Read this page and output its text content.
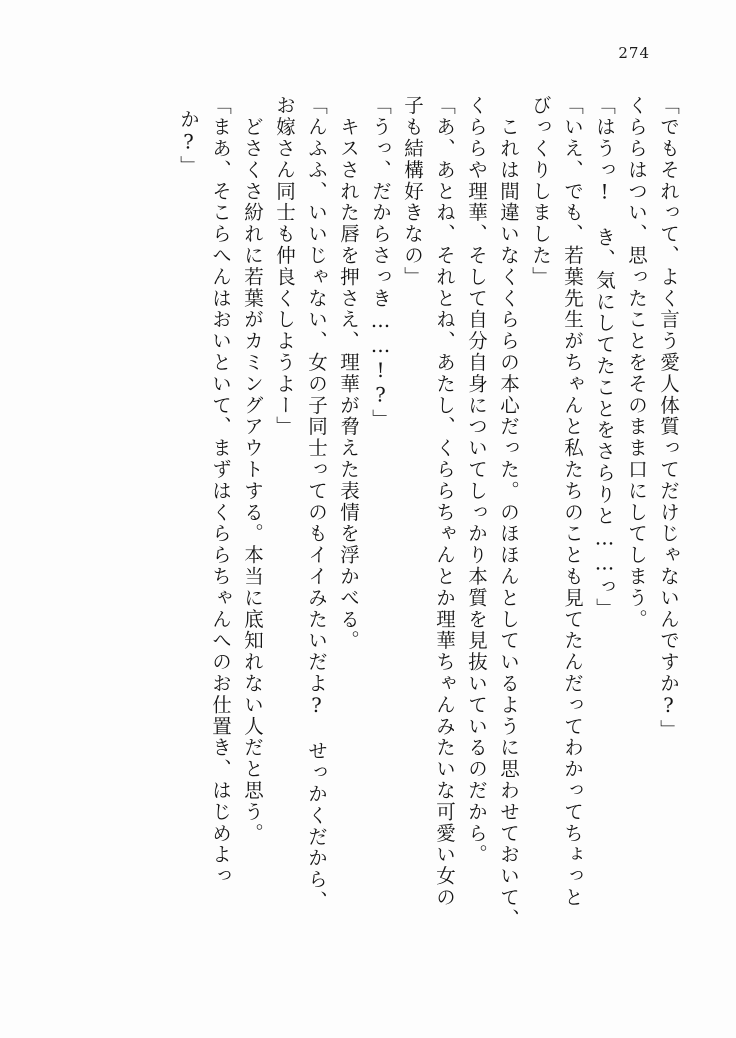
274
「でもそれって、よく言う愛人体質ってだけじゃないんですか?」
くららはつい、思ったことをそのまま口にしてしまう。
「はうっ!　き、気にしてたことをさらりと……っ」
「いえ、でも、若葉先生がちゃんと私たちのことも見てたんだってわかってちょっと
びっくりしました」
　これは間違いなくくららの本心だった。のほほんとしているように思わせておいて、
くららや理華、そして自分自身についてしっかり本質を見抜いているのだから。
「あ、あとね、それとね、あたし、くららちゃんとか理華ちゃんみたいな可愛い女の
子も結構好きなの」
「うっ、だからさっき……!?」
　キスされた唇を押さえ、理華が脅えた表情を浮かべる。
「んふふ、いいじゃない、女の子同士ってのもイイみたいだよ?　せっかくだから、
お嫁さん同士も仲良くしようよー」
　どさくさ紛れに若葉がカミングアウトする。本当に底知れない人だと思う。
「まあ、そこらへんはおいといて、まずはくららちゃんへのお仕置き、はじめよっ
か?」
